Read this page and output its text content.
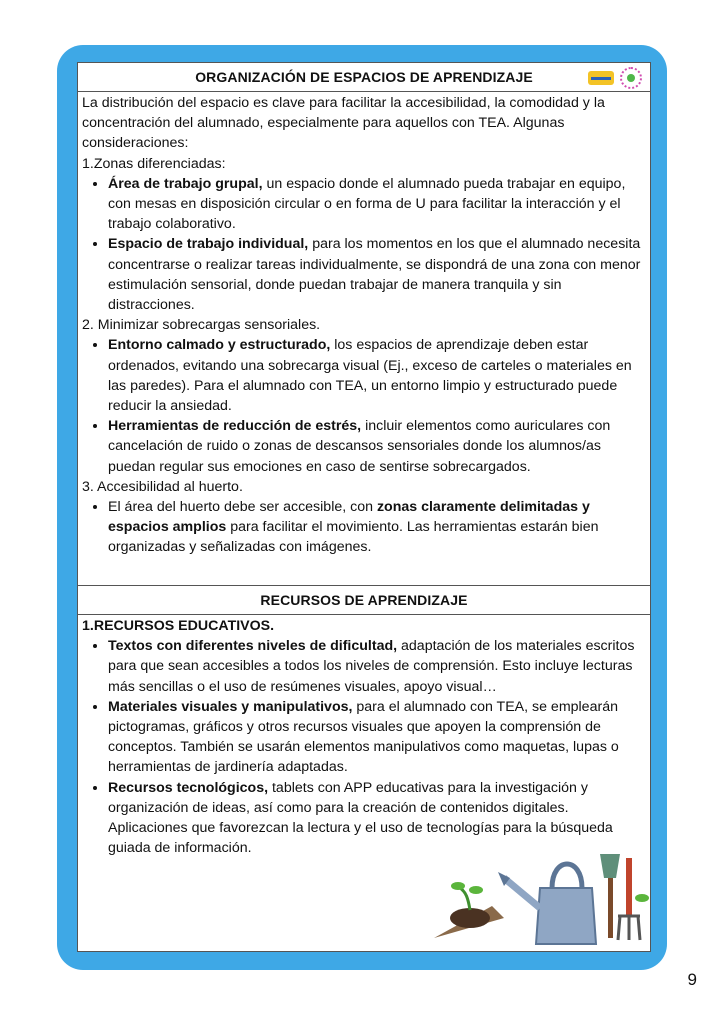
ORGANIZACIÓN DE ESPACIOS DE APRENDIZAJE

La distribución del espacio es clave para facilitar la accesibilidad, la comodidad y la concentración del alumnado, especialmente para aquellos con TEA. Algunas consideraciones:

1.Zonas diferenciadas:

• Área de trabajo grupal, un espacio donde el alumnado pueda trabajar en equipo, con mesas en disposición circular o en forma de U para facilitar la interacción y el trabajo colaborativo.
• Espacio de trabajo individual, para los momentos en los que el alumnado necesita concentrarse o realizar tareas individualmente, se dispondrá de una zona con menor estimulación sensorial, donde puedan trabajar de manera tranquila y sin distracciones.

2. Minimizar sobrecargas sensoriales.

• Entorno calmado y estructurado, los espacios de aprendizaje deben estar ordenados, evitando una sobrecarga visual (Ej., exceso de carteles o materiales en las paredes). Para el alumnado con TEA, un entorno limpio y estructurado puede reducir la ansiedad.
• Herramientas de reducción de estrés, incluir elementos como auriculares con cancelación de ruido o zonas de descansos sensoriales donde los alumnos/as puedan regular sus emociones en caso de sentirse sobrecargados.

3. Accesibilidad al huerto.

• El área del huerto debe ser accesible, con zonas claramente delimitadas y espacios amplios para facilitar el movimiento. Las herramientas estarán bien organizadas y señalizadas con imágenes.
RECURSOS DE APRENDIZAJE

1.RECURSOS EDUCATIVOS.

• Textos con diferentes niveles de dificultad, adaptación de los materiales escritos para que sean accesibles a todos los niveles de comprensión. Esto incluye lecturas más sencillas o el uso de resúmenes visuales, apoyo visual…
• Materiales visuales y manipulativos, para el alumnado con TEA, se emplearán pictogramas, gráficos y otros recursos visuales que apoyen la comprensión de conceptos. También se usarán elementos manipulativos como maquetas, lupas o herramientas de jardinería adaptadas.
• Recursos tecnológicos, tablets con APP educativas para la investigación y organización de ideas, así como para la creación de contenidos digitales. Aplicaciones que favorezcan la lectura y el uso de tecnologías para la búsqueda guiada de información.
9
